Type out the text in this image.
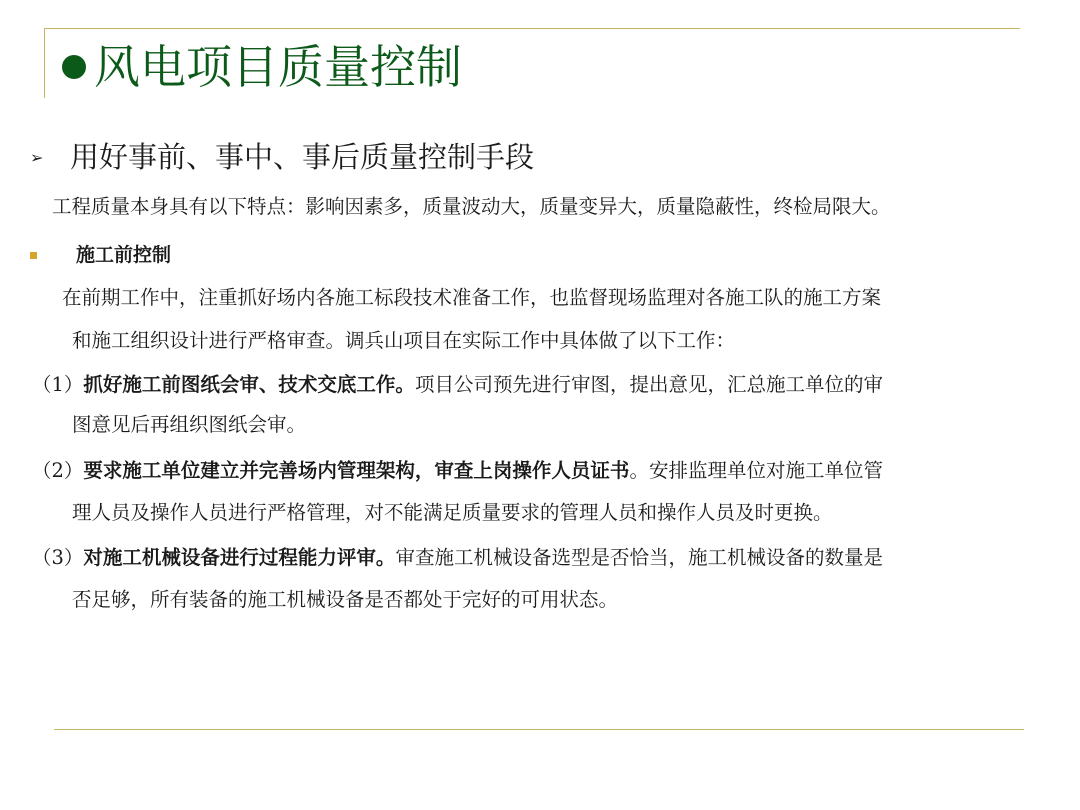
风电项目质量控制
➢ 用好事前、事中、事后质量控制手段
工程质量本身具有以下特点：影响因素多，质量波动大，质量变异大，质量隐蔽性，终检局限大。
施工前控制
在前期工作中，注重抓好场内各施工标段技术准备工作，也监督现场监理对各施工队的施工方案
和施工组织设计进行严格审查。调兵山项目在实际工作中具体做了以下工作：
（1）抓好施工前图纸会审、技术交底工作。项目公司预先进行审图，提出意见，汇总施工单位的审
图意见后再组织图纸会审。
（2）要求施工单位建立并完善场内管理架构，审查上岗操作人员证书。安排监理单位对施工单位管
理人员及操作人员进行严格管理，对不能满足质量要求的管理人员和操作人员及时更换。
（3）对施工机械设备进行过程能力评审。审查施工机械设备选型是否恰当，施工机械设备的数量是
否足够，所有装备的施工机械设备是否都处于完好的可用状态。
